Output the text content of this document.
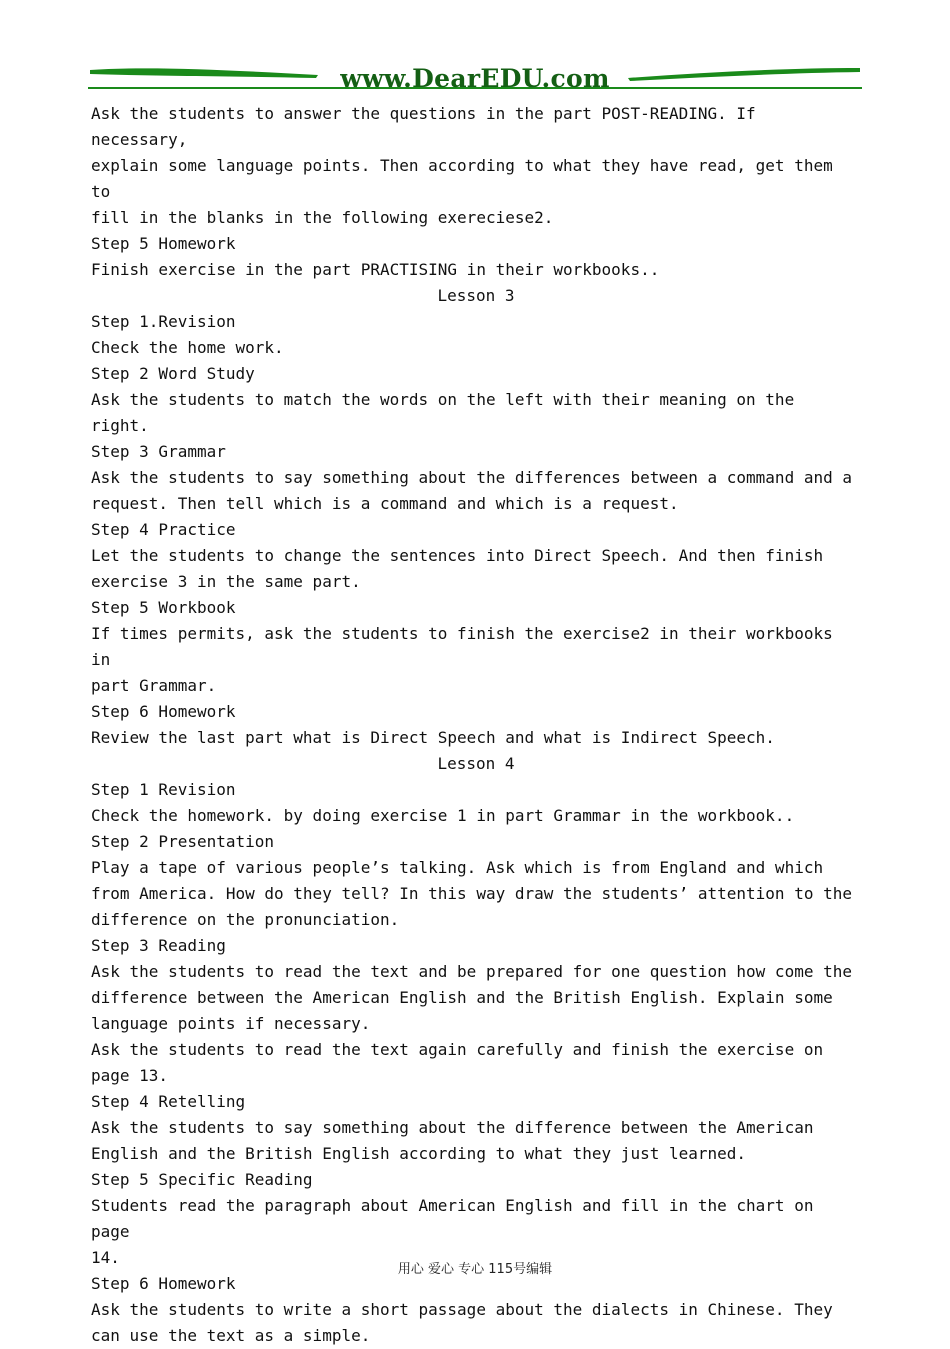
www.DearEDU.com

Ask the students to answer the questions in the part POST-READING. If necessary,

explain some language points. Then according to what they have read, get them to

fill in the blanks in the following exereciese2.

Step 5 Homework

Finish exercise in the part PRACTISING in their workbooks..

Lesson 3

Step 1.Revision

Check the home work.

Step 2 Word Study

Ask the students to match the words on the left with their meaning on the right.

Step 3 Grammar

Ask the students to say something about the differences between a command and a

request. Then tell which is a command and which is a request.

Step 4 Practice

Let the students to change the sentences into Direct Speech. And then finish

exercise 3 in the same part.

Step 5 Workbook

If times permits, ask the students to finish the exercise2 in their workbooks in

part Grammar.

Step 6 Homework

Review the last part what is Direct Speech and what is Indirect Speech.

Lesson 4

Step 1 Revision

Check the homework. by doing exercise 1 in part Grammar in the workbook..

Step 2 Presentation

Play a tape of various people’s talking. Ask which is from England and which

from America. How do they tell? In this way draw the students’ attention to the

difference on the pronunciation.

Step 3 Reading

Ask the students to read the text and be prepared for one question how come the

difference between the American English and the British English. Explain some

language points if necessary.

Ask the students to read the text again carefully and finish the exercise on

page 13.

Step 4 Retelling

Ask the students to say something about the difference between the American

English and the British English according to what they just learned.

Step 5 Specific Reading

Students read the paragraph about American English and fill in the chart on page

14.

Step 6 Homework

Ask the students to write a short passage about the dialects in Chinese. They

can use the text as a simple.

用心 爱心 专心 115号编辑
